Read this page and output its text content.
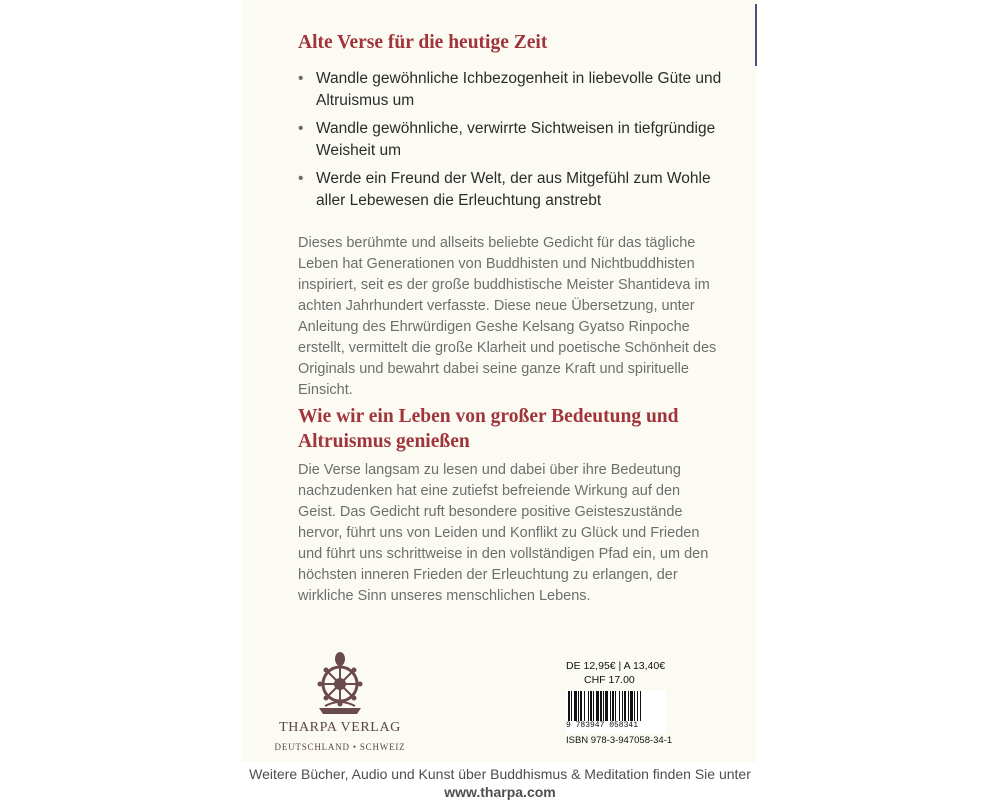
Alte Verse für die heutige Zeit
• Wandle gewöhnliche Ichbezogenheit in liebevolle Güte und Altruismus um
• Wandle gewöhnliche, verwirrte Sichtweisen in tiefgründige Weisheit um
• Werde ein Freund der Welt, der aus Mitgefühl zum Wohle aller Lebewesen die Erleuchtung anstrebt

Dieses berühmte und allseits beliebte Gedicht für das tägliche Leben hat Generationen von Buddhisten und Nichtbuddhisten inspiriert, seit es der große buddhistische Meister Shantideva im achten Jahrhundert verfasste. Diese neue Übersetzung, unter Anleitung des Ehrwürdigen Geshe Kelsang Gyatso Rinpoche erstellt, vermittelt die große Klarheit und poetische Schönheit des Originals und bewahrt dabei seine ganze Kraft und spirituelle Einsicht.

Wie wir ein Leben von großer Bedeutung und Altruismus genießen

Die Verse langsam zu lesen und dabei über ihre Bedeutung nachzudenken hat eine zutiefst befreiende Wirkung auf den Geist. Das Gedicht ruft besondere positive Geisteszustände hervor, führt uns von Leiden und Konflikt zu Glück und Frieden und führt uns schrittweise in den vollständigen Pfad ein, um den höchsten inneren Frieden der Erleuchtung zu erlangen, der wirkliche Sinn unseres menschlichen Lebens.

THARPA VERLAG
DEUTSCHLAND • SCHWEIZ
DE 12,95€ | A 13,40€
CHF 17.00
9 783947 058341
ISBN 978-3-947058-34-1
Weitere Bücher, Audio und Kunst über Buddhismus & Meditation finden Sie unter
www.tharpa.com
